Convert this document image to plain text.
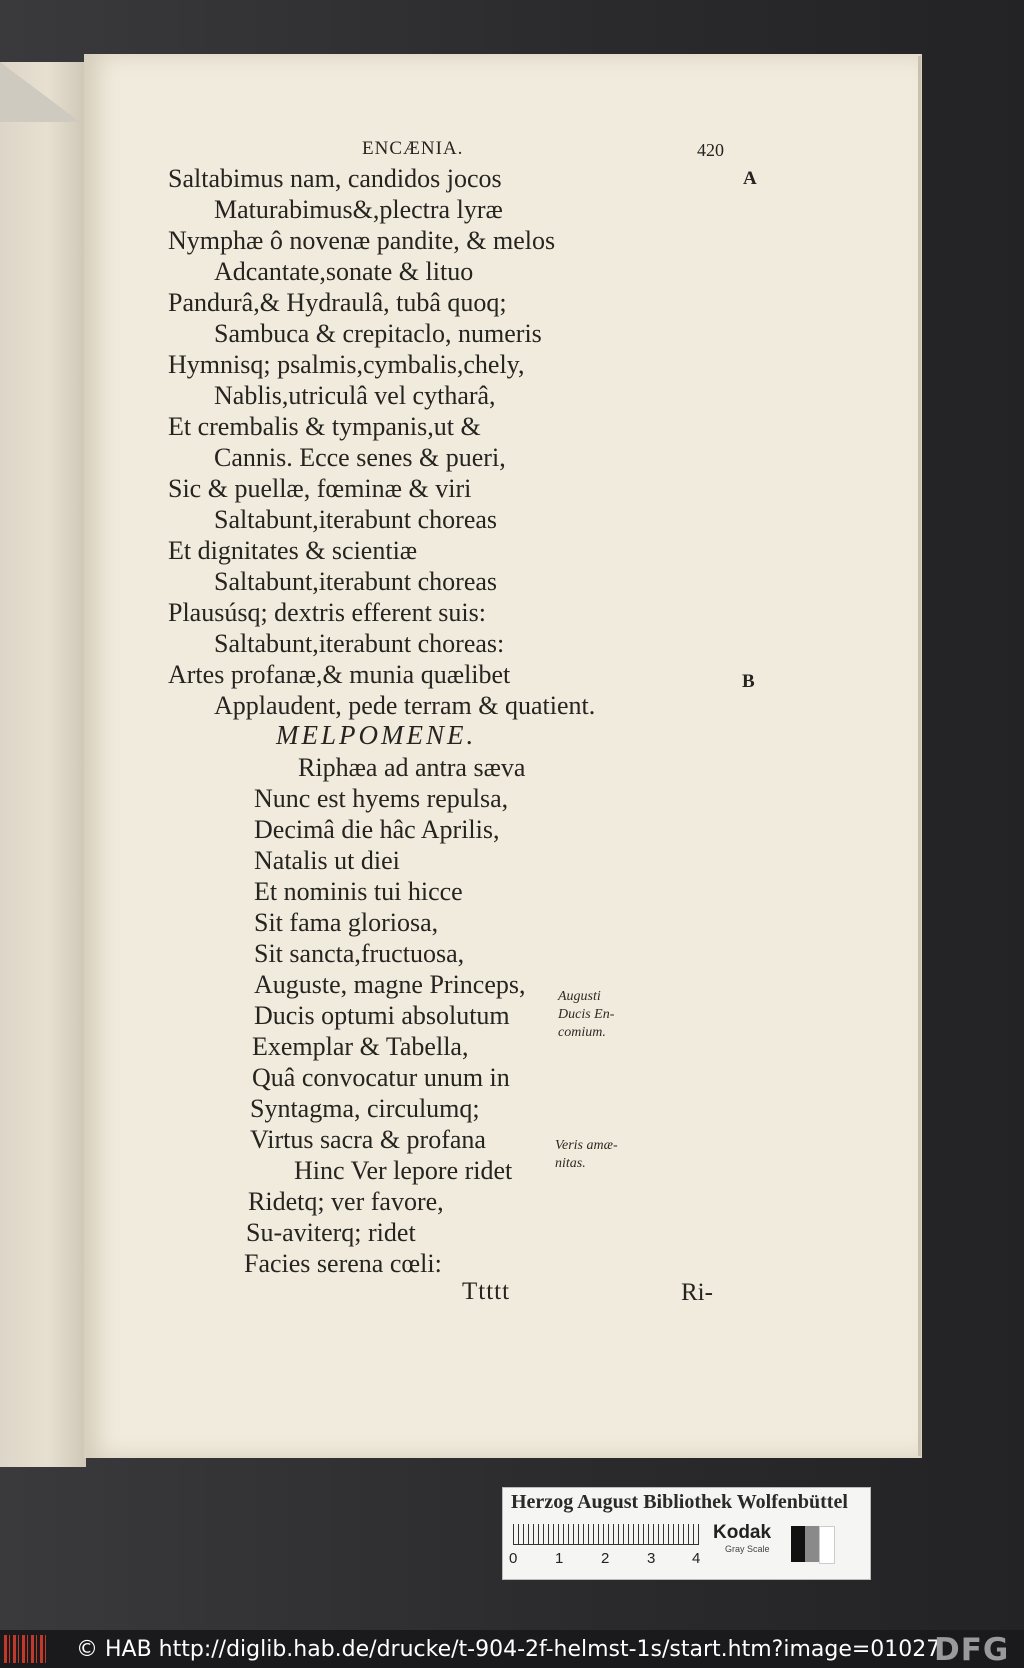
ENCÆNIA.	420
A
B
Saltabimus nam, candidos jocos
Maturabimus&,plectra lyræ
Nymphæ ô novenæ pandite, & melos
Adcantate,sonate & lituo
Pandurâ,& Hydraulâ, tubâ quoq;
Sambuca & crepitaclo, numeris
Hymnisq; psalmis,cymbalis,chely,
Nablis,utriculâ vel cytharâ,
Et crembalis & tympanis,ut &
Cannis. Ecce senes & pueri,
Sic & puellæ, fœminæ & viri
Saltabunt,iterabunt choreas
Et dignitates & scientiæ
Saltabunt,iterabunt choreas
Plausúsq; dextris efferent suis:
Saltabunt,iterabunt choreas:
Artes profanæ,& munia quælibet
Applaudent, pede terram & quatient.
MELPOMENE.
Riphæa ad antra sæva
Nunc est hyems repulsa,
Decimâ die hâc Aprilis,
Natalis ut diei
Et nominis tui hicce
Sit fama gloriosa,
Sit sancta,fructuosa,
Auguste, magne Princeps,
Ducis optumi absolutum
Exemplar & Tabella,
Quâ convocatur unum in
Syntagma, circulumq;
Virtus sacra & profana
Hinc Ver lepore ridet
Ridetq; ver favore,
Su-aviterq; ridet
Facies serena cœli:
Augusti
Ducis En-
comium.
Veris amæ-
nitas.
Ttttt	Ri-
Herzog August Bibliothek Wolfenbüttel
0	1	2	3 4
Kodak
Gray Scale
© HAB http://diglib.hab.de/drucke/t-904-2f-helmst-1s/start.htm?image=01027
DFG
